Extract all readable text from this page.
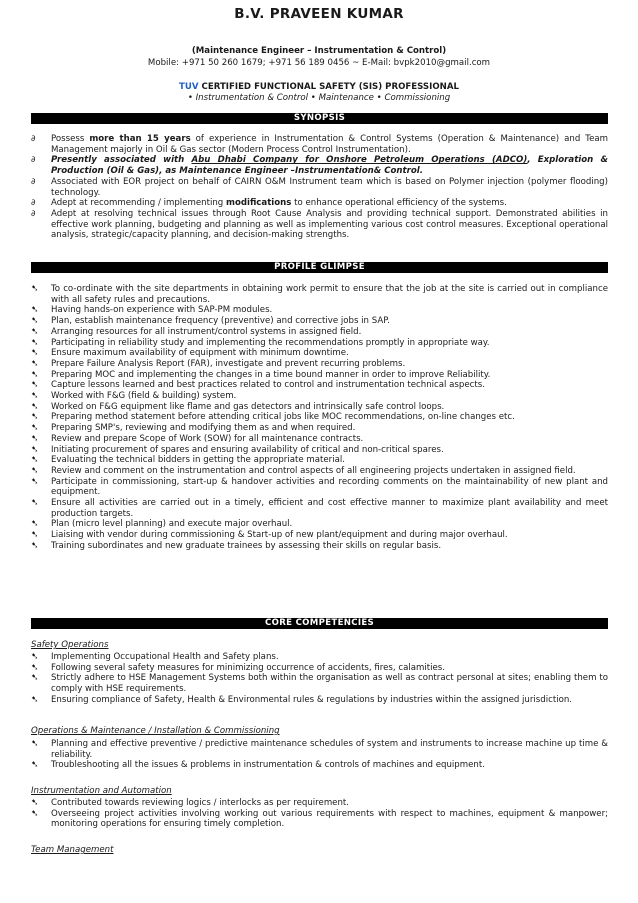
B.V. PRAVEEN KUMAR
(Maintenance Engineer – Instrumentation & Control)
Mobile: +971 50 260 1679; +971 56 189 0456 ~ E-Mail: bvpk2010@gmail.com
TUV CERTIFIED FUNCTIONAL SAFETY (SIS) PROFESSIONAL
• Instrumentation & Control • Maintenance • Commissioning
SYNOPSIS
∂	Possess more than 15 years of experience in Instrumentation & Control Systems (Operation & Maintenance) and Team Management majorly in Oil & Gas sector (Modern Process Control Instrumentation).
∂	Presently associated with Abu Dhabi Company for Onshore Petroleum Operations (ADCO), Exploration & Production (Oil & Gas), as Maintenance Engineer –Instrumentation& Control.
∂	Associated with EOR project on behalf of CAIRN O&M Instrument team which is based on Polymer injection (polymer flooding) technology.
∂	Adept at recommending / implementing modifications to enhance operational efficiency of the systems.
∂	Adept at resolving technical issues through Root Cause Analysis and providing technical support. Demonstrated abilities in effective work planning, budgeting and planning as well as implementing various cost control measures. Exceptional operational analysis, strategic/capacity planning, and decision-making strengths.
PROFILE GLIMPSE
➷	To co-ordinate with the site departments in obtaining work permit to ensure that the job at the site is carried out in compliance with all safety rules and precautions.
➷	Having hands-on experience with SAP-PM modules.
➷	Plan, establish maintenance frequency (preventive) and corrective jobs in SAP.
➷	Arranging resources for all instrument/control systems in assigned field.
➷	Participating in reliability study and implementing the recommendations promptly in appropriate way.
➷	Ensure maximum availability of equipment with minimum downtime.
➷	Prepare Failure Analysis Report (FAR), investigate and prevent recurring problems.
➷	Preparing MOC and implementing the changes in a time bound manner in order to improve Reliability.
➷	Capture lessons learned and best practices related to control and instrumentation technical aspects.
➷	Worked with F&G (field & building) system.
➷	Worked on F&G equipment like flame and gas detectors and intrinsically safe control loops.
➷	Preparing method statement before attending critical jobs like MOC recommendations, on-line changes etc.
➷	Preparing SMP's, reviewing and modifying them as and when required.
➷	Review and prepare Scope of Work (SOW) for all maintenance contracts.
➷	Initiating procurement of spares and ensuring availability of critical and non-critical spares.
➷	Evaluating the technical bidders in getting the appropriate material.
➷	Review and comment on the instrumentation and control aspects of all engineering projects undertaken in assigned field.
➷	Participate in commissioning, start-up & handover activities and recording comments on the maintainability of new plant and equipment.
➷	Ensure all activities are carried out in a timely, efficient and cost effective manner to maximize plant availability and meet production targets.
➷	Plan (micro level planning) and execute major overhaul.
➷	Liaising with vendor during commissioning & Start-up of new plant/equipment and during major overhaul.
➷	Training subordinates and new graduate trainees by assessing their skills on regular basis.
CORE COMPETENCIES
Safety Operations
➷	Implementing Occupational Health and Safety plans.
➷	Following several safety measures for minimizing occurrence of accidents, fires, calamities.
➷	Strictly adhere to HSE Management Systems both within the organisation as well as contract personal at sites; enabling them to comply with HSE requirements.
➷	Ensuring compliance of Safety, Health & Environmental rules & regulations by industries within the assigned jurisdiction.
Operations & Maintenance / Installation & Commissioning
➷	Planning and effective preventive / predictive maintenance schedules of system and instruments to increase machine up time & reliability.
➷	Troubleshooting all the issues & problems in instrumentation & controls of machines and equipment.
Instrumentation and Automation
➷	Contributed towards reviewing logics / interlocks as per requirement.
➷	Overseeing project activities involving working out various requirements with respect to machines, equipment & manpower; monitoring operations for ensuring timely completion.
Team Management
